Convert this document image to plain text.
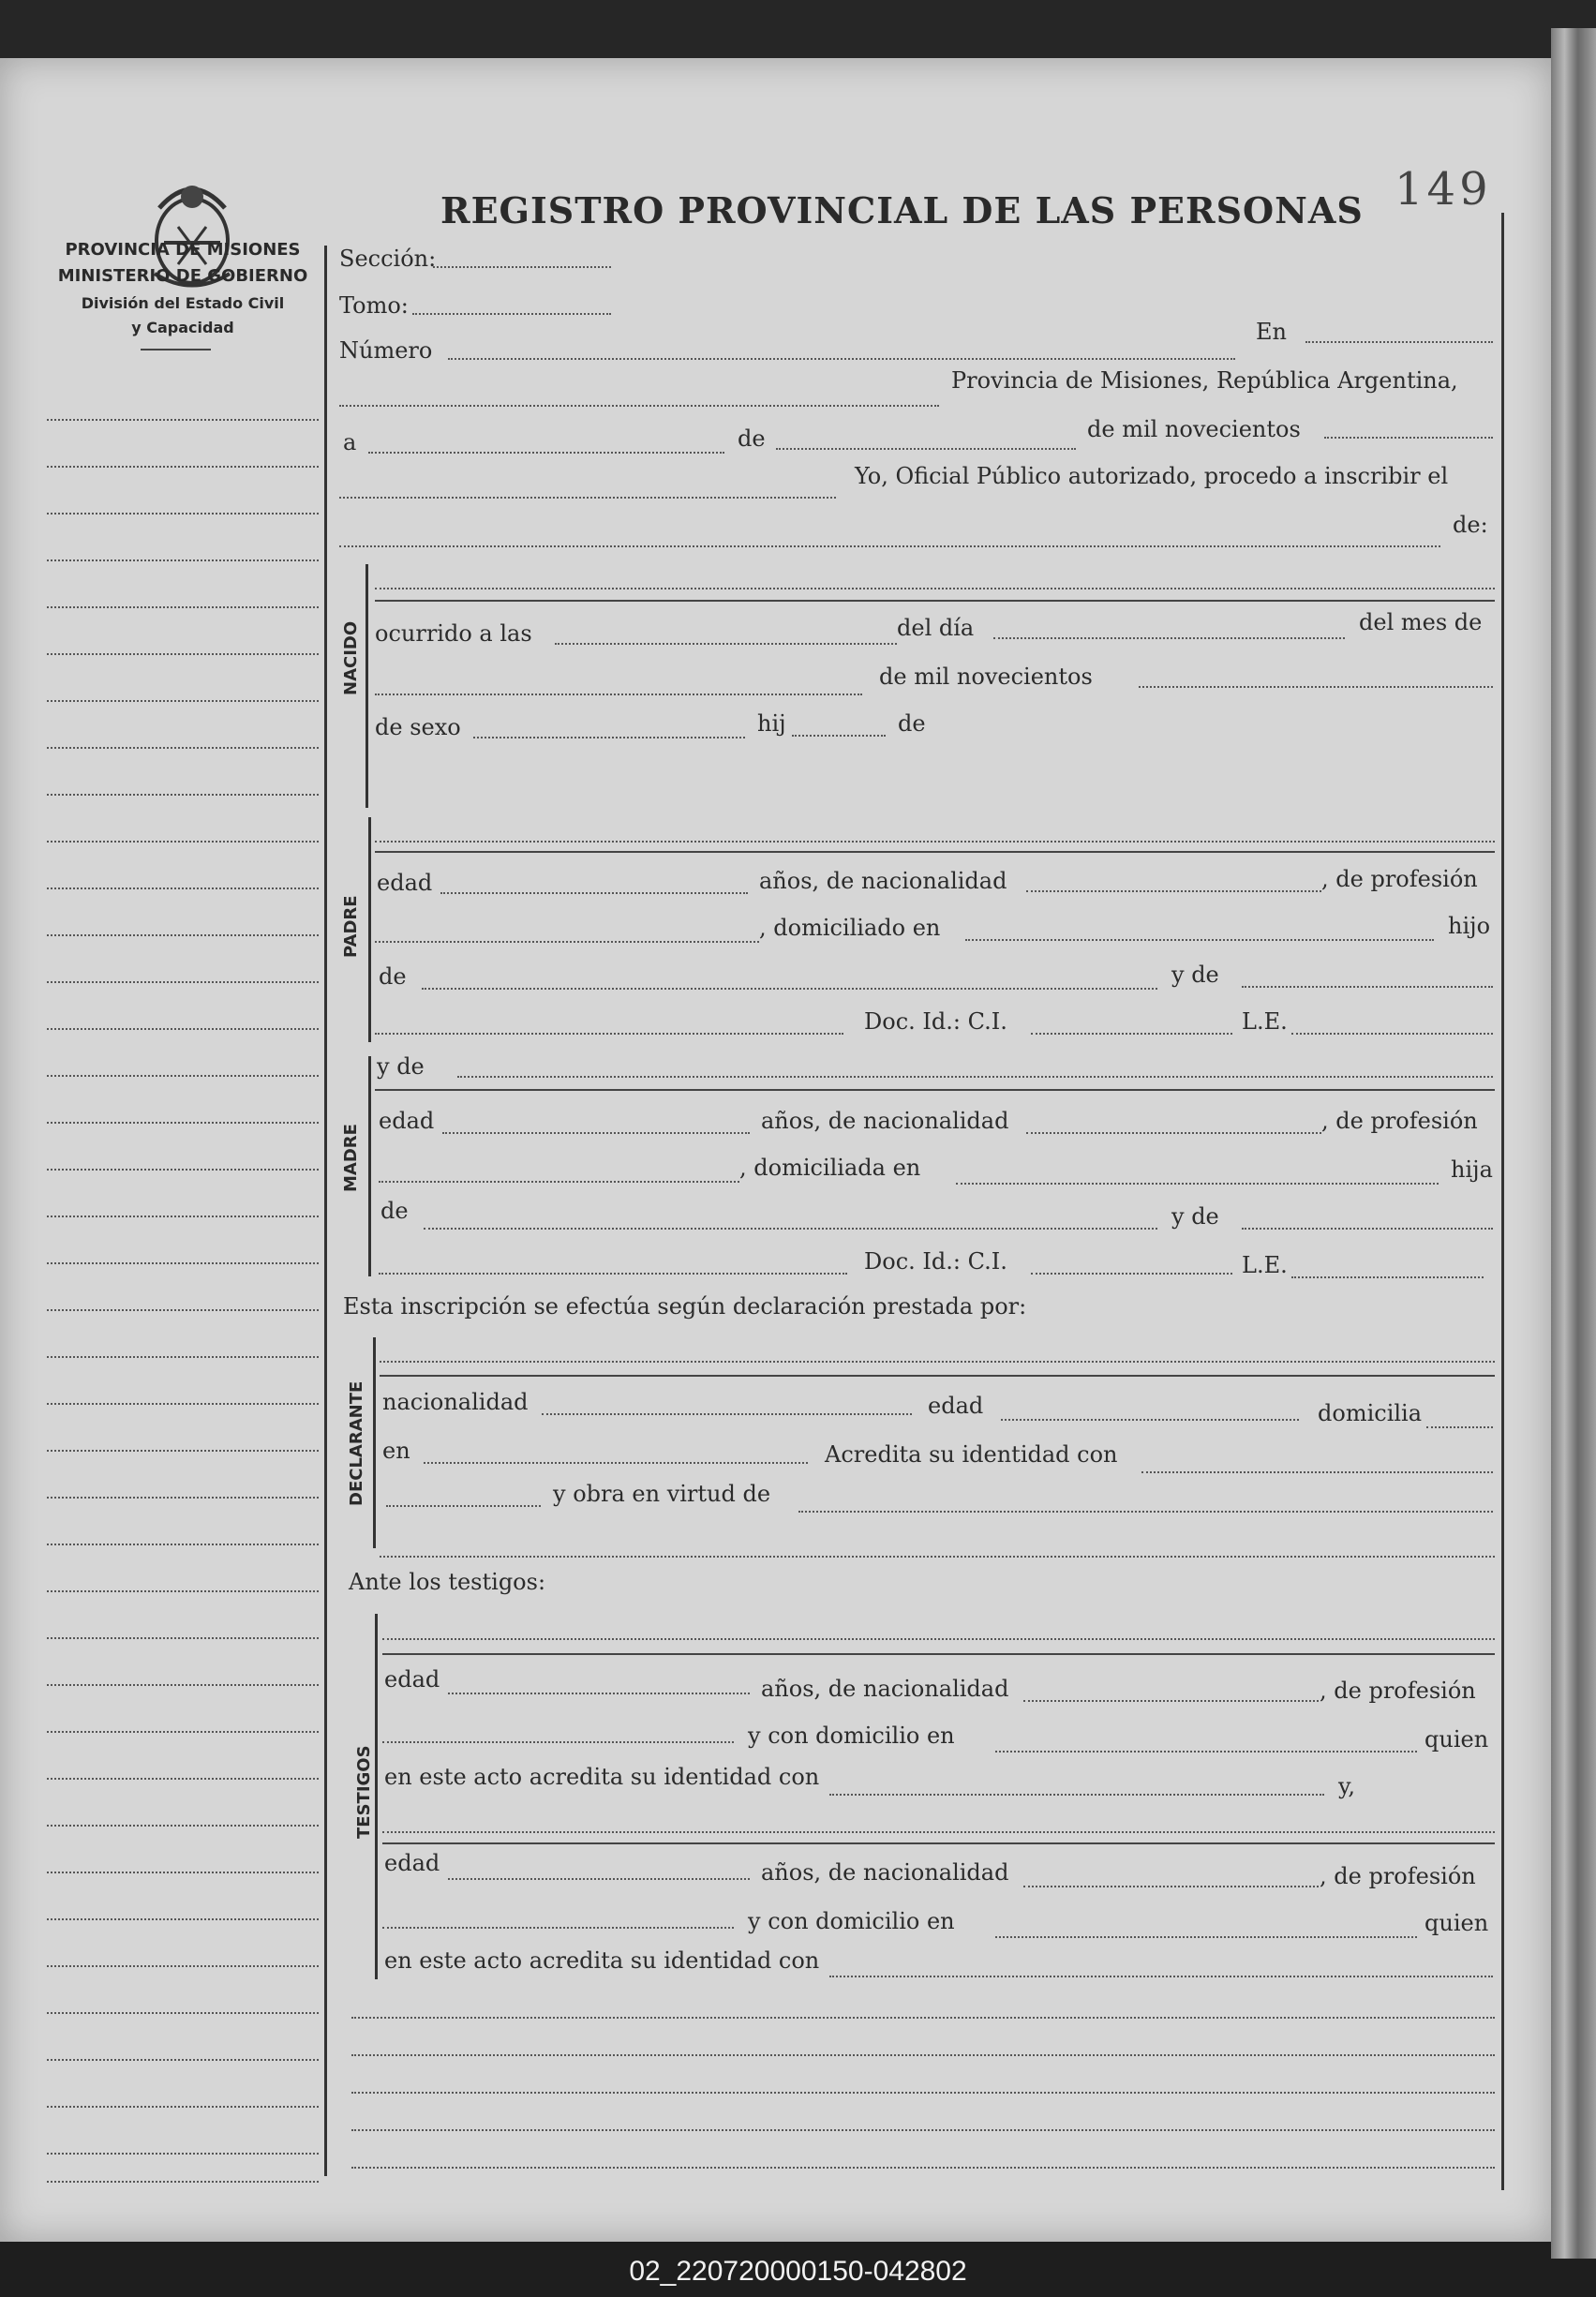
REGISTRO PROVINCIAL DE LAS PERSONAS 149
PROVINCIA DE MISIONES
MINISTERIO DE GOBIERNO
División del Estado Civil
y Capacidad
Sección:
Tomo:
Número
En
Provincia de Misiones, República Argentina,
a	de	de mil novecientos
Yo, Oficial Público autorizado, procedo a inscribir el
de:
NACIDO ocurrido a las	del día	del mes de
de mil novecientos
de sexo	hij	de
PADRE
edad	años, de nacionalidad	, de profesión
, domiciliado en	hijo
de	y de
Doc. Id.: C.I.	L.E.
MADRE
y de
edad	años, de nacionalidad	, de profesión
, domiciliada en	hija
de	y de
Doc. Id.: C.I.	L.E.
Esta inscripción se efectúa según declaración prestada por:
DECLARANTE nacionalidad	edad	domicilia
en	Acredita su identidad con
y obra en virtud de
Ante los testigos:
TESTIGOS
edad	años, de nacionalidad	, de profesión
y con domicilio en	quien
en este acto acredita su identidad con	y,
edad	años, de nacionalidad	, de profesión
y con domicilio en	quien
en este acto acredita su identidad con
02_220720000150-042802
